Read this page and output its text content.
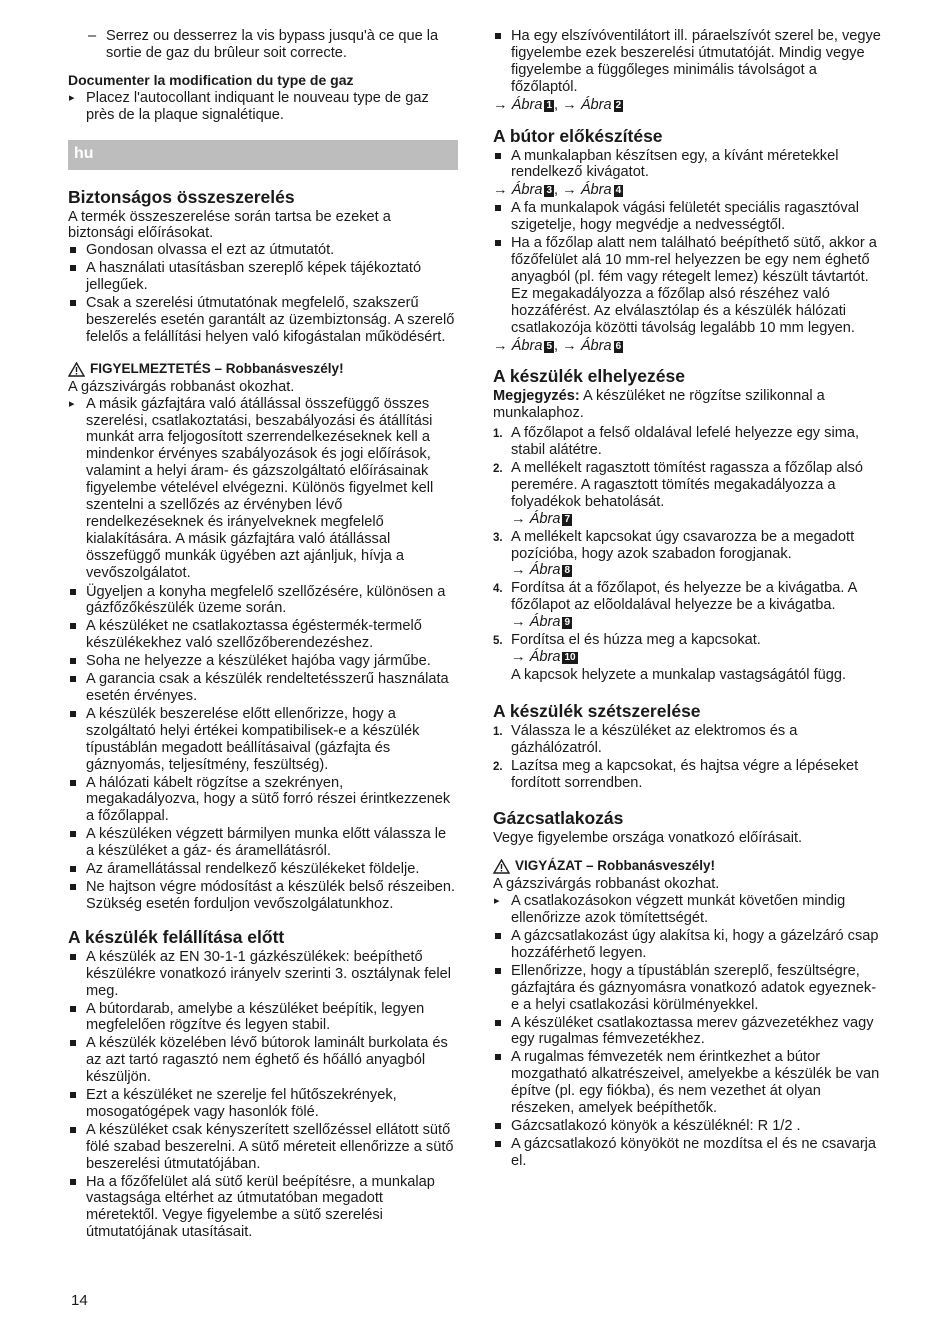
– Serrez ou desserrez la vis bypass jusqu'à ce que la sortie de gaz du brûleur soit correcte.
Documenter la modification du type de gaz
▸ Placez l'autocollant indiquant le nouveau type de gaz près de la plaque signalétique.
hu
Biztonságos összeszerelés

A termék összeszerelése során tartsa be ezeket a biztonsági előírásokat.

Gondosan olvassa el ezt az útmutatót.
A használati utasításban szereplő képek tájékoztató jellegűek.
Csak a szerelési útmutatónak megfelelő, szakszerű beszerelés esetén garantált az üzembiztonság. A szerelő felelős a felállítási helyen való kifogástalan működésért.
FIGYELMEZTETÉS – Robbanásveszély!

A gázszivárgás robbanást okozhat.

▸ A másik gázfajtára való átállással összefüggő összes szerelési, csatlakoztatási, beszabályozási és átállítási munkát arra feljogosított szerrendelkezéseknek kell a mindenkor érvényes szabályozások és jogi előírások, valamint a helyi áram- és gázszolgáltató előírásainak figyelembe vételével elvégezni. Különös figyelmet kell szentelni a szellőzés az érvényben lévő rendelkezéseknek és irányelveknek megfelelő kialakítására. A másik gázfajtára való átállással összefüggő munkák ügyében azt ajánljuk, hívja a vevőszolgálatot.
Ügyeljen a konyha megfelelő szellőzésére, különösen a gázfőzőkészülék üzeme során.
A készüléket ne csatlakoztassa égéstermék-termelő készülékekhez való szellőzőberendezéshez.
Soha ne helyezze a készüléket hajóba vagy járműbe.
A garancia csak a készülék rendeltetésszerű használata esetén érvényes.
A készülék beszerelése előtt ellenőrizze, hogy a szolgáltató helyi értékei kompatibilisek-e a készülék típustáblán megadott beállításaival (gázfajta és gáznyomás, teljesítmény, feszültség).
A hálózati kábelt rögzítse a szekrényen, megakadályozva, hogy a sütő forró részei érintkezzenek a főzőlappal.
A készüléken végzett bármilyen munka előtt válassza le a készüléket a gáz- és áramellátásról.
Az áramellátással rendelkező készülékeket földelje.
Ne hajtson végre módosítást a készülék belső részeiben. Szükség esetén forduljon vevőszolgálatunkhoz.
A készülék felállítása előtt
A készülék az EN 30-1-1 gázkészülékek: beépíthető készülékre vonatkozó irányelv szerinti 3. osztálynak felel meg.
A bútordarab, amelybe a készüléket beépítik, legyen megfelelően rögzítve és legyen stabil.
A készülék közelében lévő bútorok laminált burkolata és az azt tartó ragasztó nem éghető és hőálló anyagból készüljön.
Ezt a készüléket ne szerelje fel hűtőszekrények, mosogatógépek vagy hasonlók fölé.
A készüléket csak kényszerített szellőzéssel ellátott sütő fölé szabad beszerelni. A sütő méreteit ellenőrizze a sütő beszerelési útmutatójában.
Ha a főzőfelület alá sütő kerül beépítésre, a munkalap vastagsága eltérhet az útmutatóban megadott méretektől. Vegye figyelembe a sütő szerelési útmutatójának utasításait.
Ha egy elszívóventilátort ill. páraelszívót szerel be, vegye figyelembe ezek beszerelési útmutatóját. Mindig vegye figyelembe a függőleges minimális távolságot a főzőlaptól.
→ Ábra 1 , → Ábra 2
A bútor előkészítése
A munkalapban készítsen egy, a kívánt méretekkel rendelkező kivágatot.
→ Ábra 3 , → Ábra 4
A fa munkalapok vágási felületét speciális ragasztóval szigetelje, hogy megvédje a nedvességtől.
Ha a főzőlap alatt nem található beépíthető sütő, akkor a főzőfelület alá 10 mm-rel helyezzen be egy nem éghető anyagból (pl. fém vagy rétegelt lemez) készült távtartót. Ez megakadályozza a főzőlap alsó részéhez való hozzáférést. Az elválasztólap és a készülék hálózati csatlakozója közötti távolság legalább 10 mm legyen.
→ Ábra 5 , → Ábra 6
A készülék elhelyezése

Megjegyzés: A készüléket ne rögzítse szilikonnal a munkalaphoz.

1. A főzőlapot a felső oldalával lefelé helyezze egy sima, stabil alátétre.
2. A mellékelt ragasztott tömítést ragassza a főzőlap alsó peremére. A ragasztott tömítés megakadályozza a folyadékok behatolását.
→ Ábra 7
3. A mellékelt kapcsokat úgy csavarozza be a megadott pozícióba, hogy azok szabadon forogjanak.
→ Ábra 8
4. Fordítsa át a főzőlapot, és helyezze be a kivágatba. A főzőlapot az elõoldalával helyezze be a kivágatba.
→ Ábra 9
5. Fordítsa el és húzza meg a kapcsokat.
→ Ábra 10

A kapcsok helyzete a munkalap vastagságától függ.

A készülék szétszerelése
1. Válassza le a készüléket az elektromos és a gázhálózatról.
2. Lazítsa meg a kapcsokat, és hajtsa végre a lépéseket fordított sorrendben.
Gázcsatlakozás

Vegye figyelembe országa vonatkozó előírásait.

VIGYÁZAT – Robbanásveszély!

A gázszivárgás robbanást okozhat.

▸ A csatlakozásokon végzett munkát követően mindig ellenőrizze azok tömítettségét.
A gázcsatlakozást úgy alakítsa ki, hogy a gázelzáró csap hozzáférhető legyen.
Ellenőrizze, hogy a típustáblán szereplő, feszültségre, gázfajtára és gáznyomásra vonatkozó adatok egyeznek-e a helyi csatlakozási körülményekkel.
A készüléket csatlakoztassa merev gázvezetékhez vagy egy rugalmas fémvezetékhez.
A rugalmas fémvezeték nem érintkezhet a bútor mozgatható alkatrészeivel, amelyekbe a készülék be van építve (pl. egy fiókba), és nem vezethet át olyan részeken, amelyek beépíthetők.
Gázcsatlakozó könyök a készüléknél: R 1/2 .
A gázcsatlakozó könyököt ne mozdítsa el és ne csavarja el.
14
